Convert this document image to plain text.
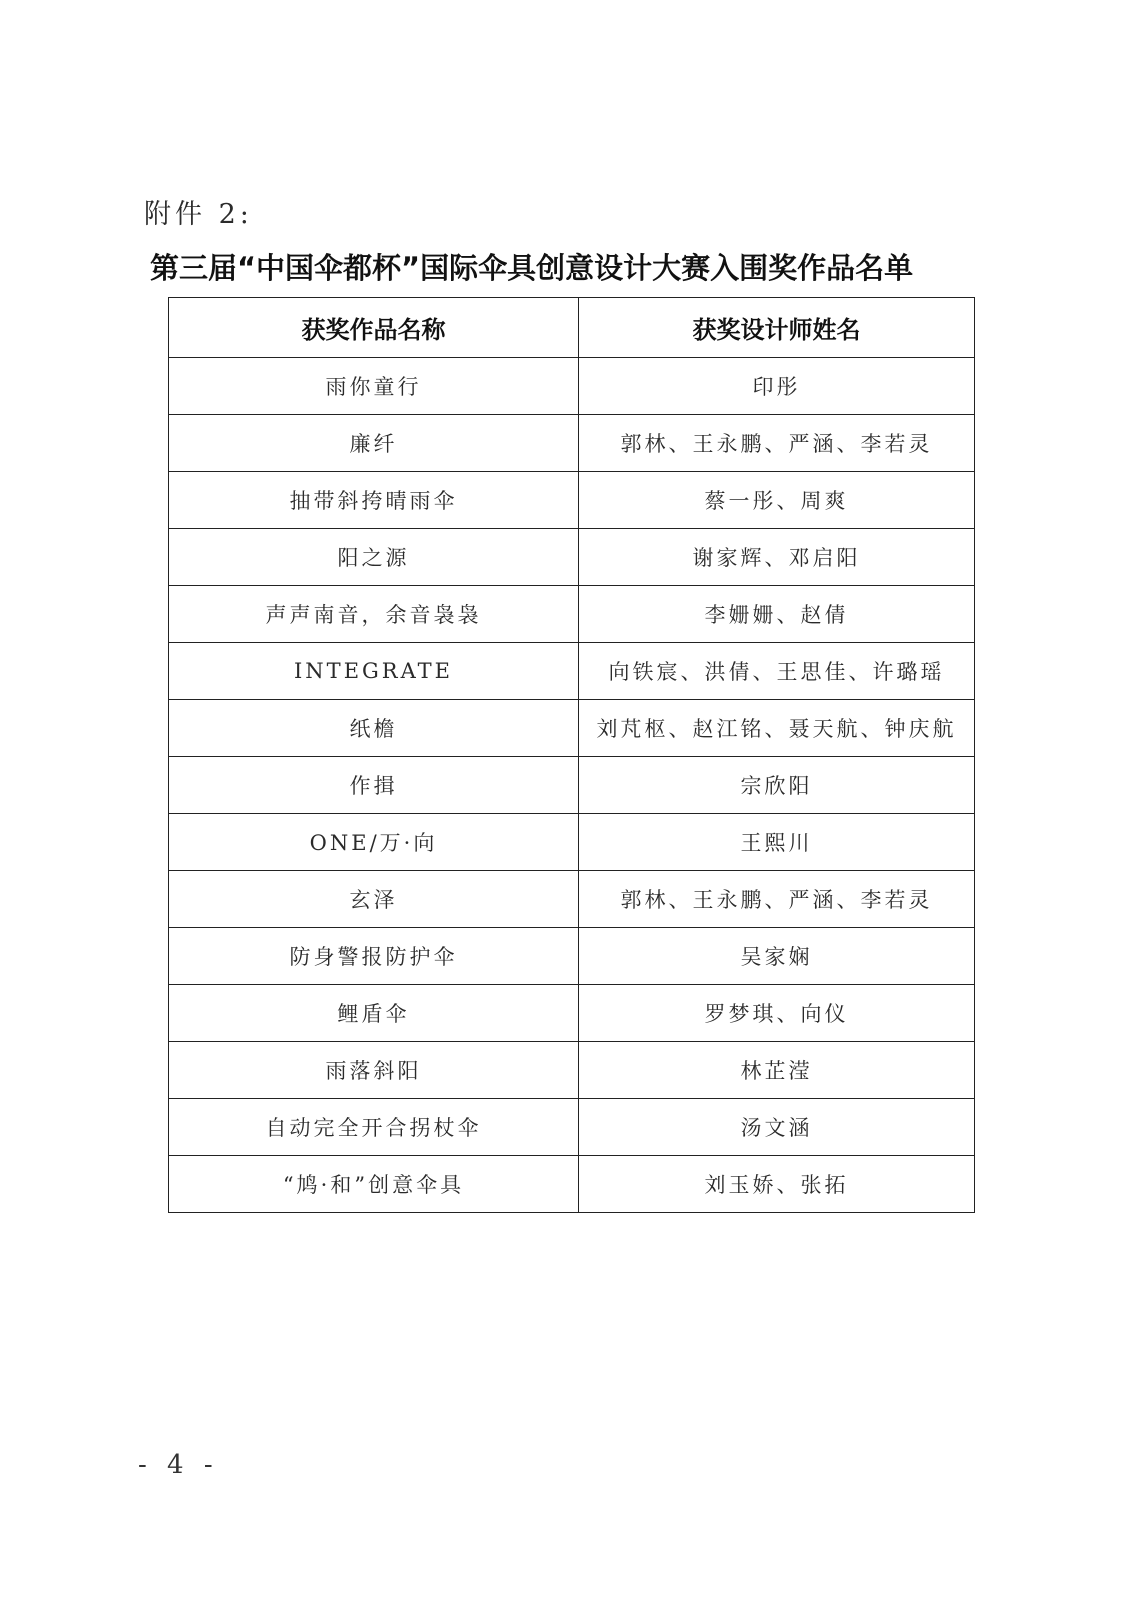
附件 2:
第三届“中国伞都杯”国际伞具创意设计大赛入围奖作品名单
获奖作品名称	获奖设计师姓名
雨你童行	印彤
廉纤	郭林、王永鹏、严涵、李若灵
抽带斜挎晴雨伞	蔡一彤、周爽
阳之源	谢家辉、邓启阳
声声南音，余音袅袅	李姗姗、赵倩
INTEGRATE	向铁宸、洪倩、王思佳、许璐瑶
纸檐	刘芃枢、赵江铭、聂天航、钟庆航
作揖	宗欣阳
ONE/万·向	王熙川
玄泽	郭林、王永鹏、严涵、李若灵
防身警报防护伞	吴家娴
鲤盾伞	罗梦琪、向仪
雨落斜阳	林芷滢
自动完全开合拐杖伞	汤文涵
“鸠·和”创意伞具	刘玉娇、张拓
- 4 -
